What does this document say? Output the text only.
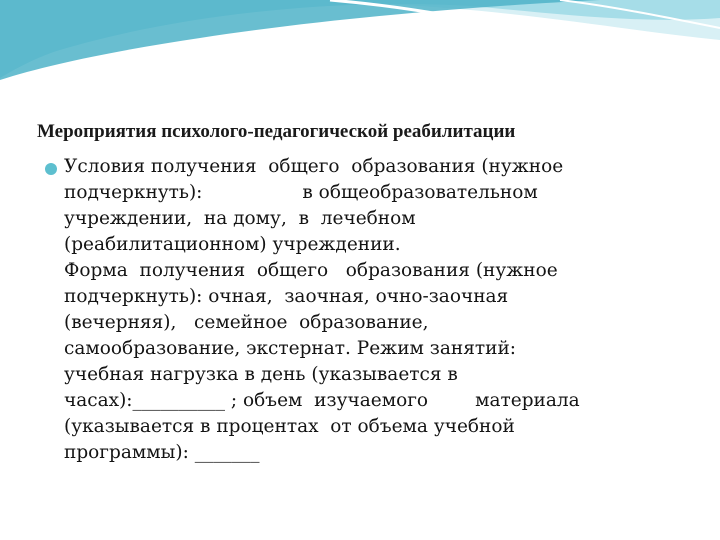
Мероприятия психолого-педагогической реабилитации
Условия получения  общего  образования (нужное
подчеркнуть):                 в общеобразовательном
учреждении,  на дому,  в  лечебном
(реабилитационном) учреждении.
Форма  получения  общего   образования (нужное
подчеркнуть): очная,  заочная, очно-заочная
(вечерняя),   семейное  образование,
самообразование, экстернат. Режим занятий:
учебная нагрузка в день (указывается в
часах):__________ ; объем  изучаемого        материала
(указывается в процентах  от объема учебной
программы): _______
